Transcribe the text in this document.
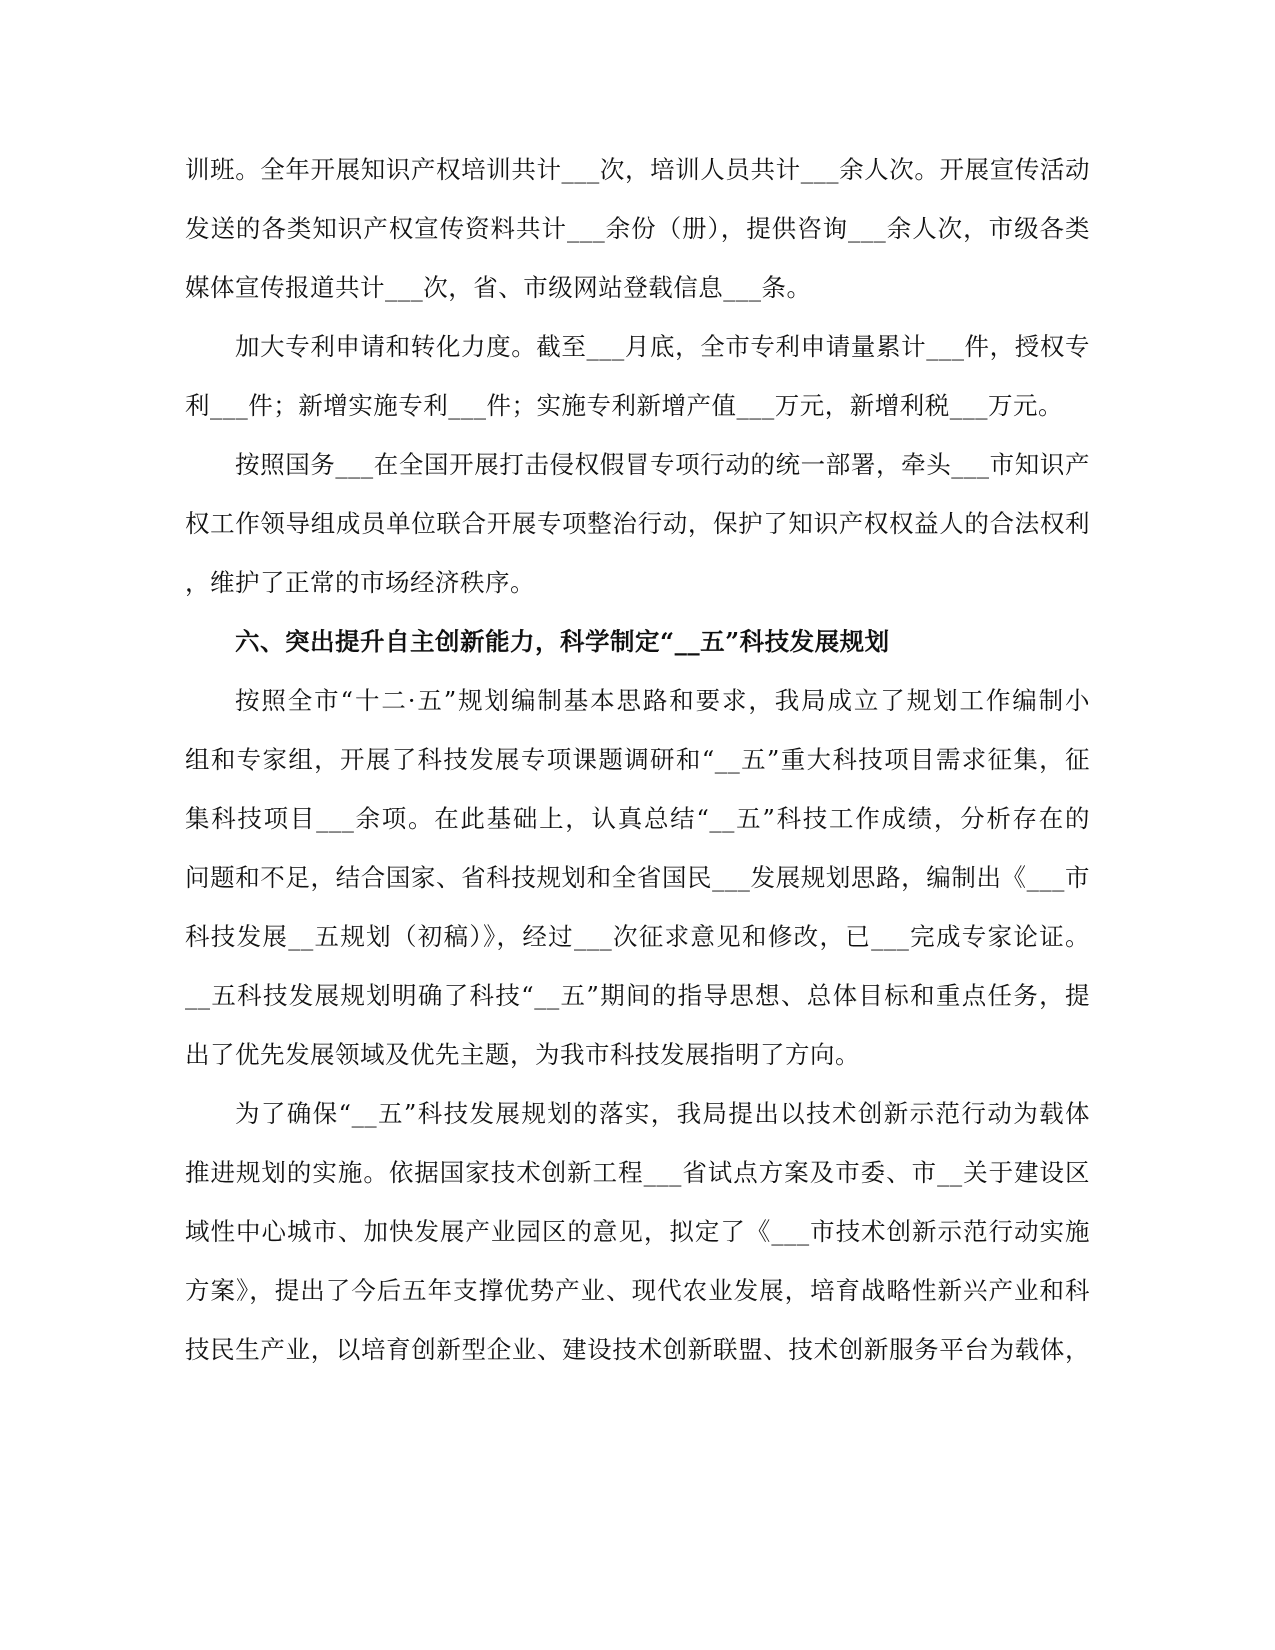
训班。全年开展知识产权培训共计___次，培训人员共计___余人次。开展宣传活动
发送的各类知识产权宣传资料共计___余份（册），提供咨询___余人次，市级各类
媒体宣传报道共计___次，省、市级网站登载信息___条。
加大专利申请和转化力度。截至___月底，全市专利申请量累计___件，授权专
利___件；新增实施专利___件；实施专利新增产值___万元，新增利税___万元。
按照国务___在全国开展打击侵权假冒专项行动的统一部署，牵头___市知识产
权工作领导组成员单位联合开展专项整治行动，保护了知识产权权益人的合法权利
，维护了正常的市场经济秩序。
六、突出提升自主创新能力，科学制定“__五”科技发展规划
按照全市“十二·五”规划编制基本思路和要求，我局成立了规划工作编制小
组和专家组，开展了科技发展专项课题调研和“__五”重大科技项目需求征集，征
集科技项目___余项。在此基础上，认真总结“__五”科技工作成绩，分析存在的
问题和不足，结合国家、省科技规划和全省国民___发展规划思路，编制出《___市
科技发展__五规划（初稿）》，经过___次征求意见和修改，已___完成专家论证。
__五科技发展规划明确了科技“__五”期间的指导思想、总体目标和重点任务，提
出了优先发展领域及优先主题，为我市科技发展指明了方向。
为了确保“__五”科技发展规划的落实，我局提出以技术创新示范行动为载体
推进规划的实施。依据国家技术创新工程___省试点方案及市委、市__关于建设区
域性中心城市、加快发展产业园区的意见，拟定了《___市技术创新示范行动实施
方案》，提出了今后五年支撑优势产业、现代农业发展，培育战略性新兴产业和科
技民生产业，以培育创新型企业、建设技术创新联盟、技术创新服务平台为载体，
